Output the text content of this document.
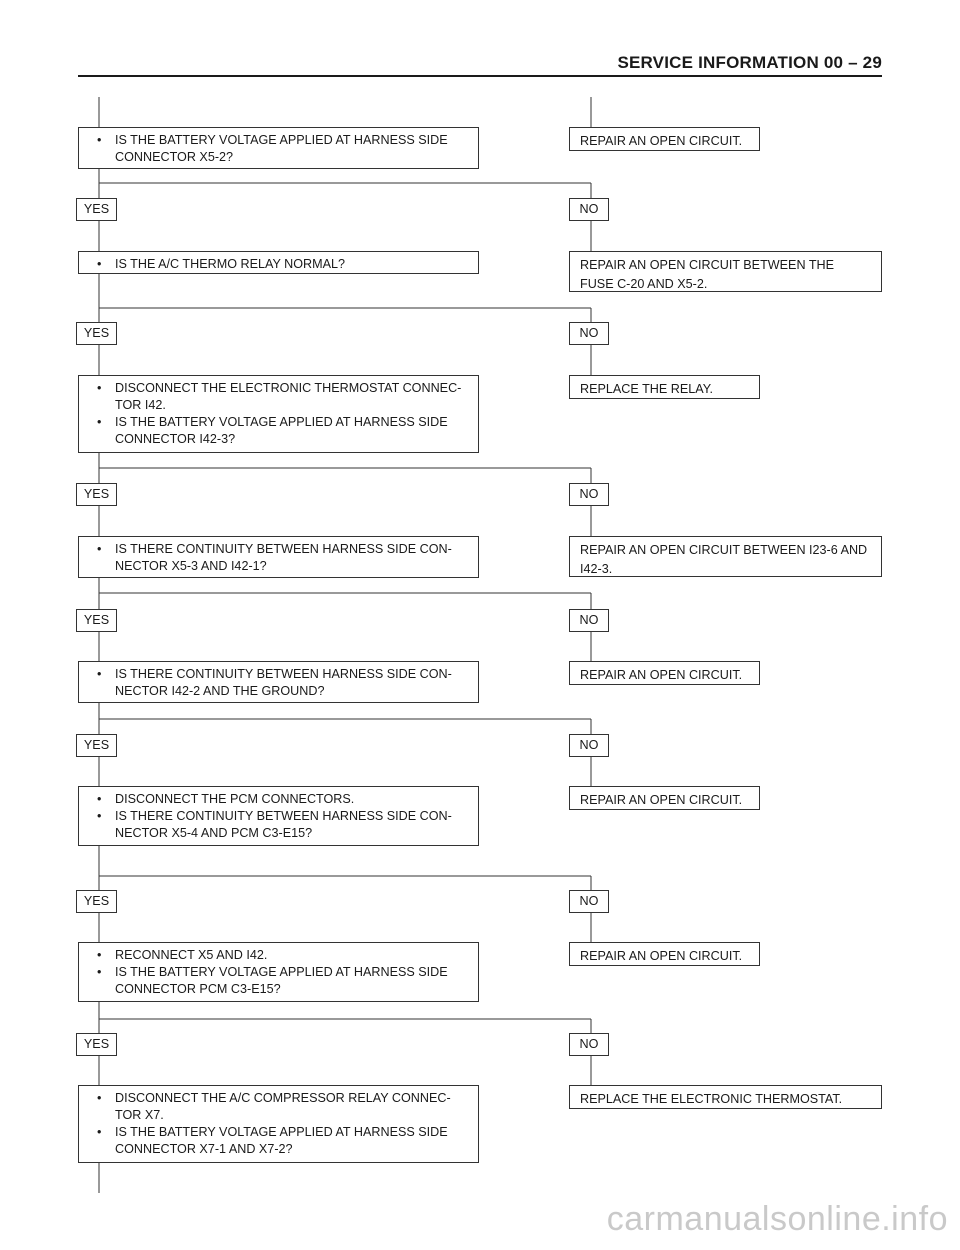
SERVICE INFORMATION 00 – 29
•	IS THE BATTERY VOLTAGE APPLIED AT HARNESS SIDE CONNECTOR X5-2?
•	IS THE A/C THERMO RELAY NORMAL?
•	DISCONNECT THE ELECTRONIC THERMOSTAT CONNEC- TOR I42.
•	IS THE BATTERY VOLTAGE APPLIED AT HARNESS SIDE CONNECTOR I42-3?
•	IS THERE CONTINUITY BETWEEN HARNESS SIDE CON- NECTOR X5-3 AND I42-1?
•	IS THERE CONTINUITY BETWEEN HARNESS SIDE CON- NECTOR I42-2 AND THE GROUND?
•	DISCONNECT THE PCM CONNECTORS.
•	IS THERE CONTINUITY BETWEEN HARNESS SIDE CON- NECTOR X5-4 AND PCM C3-E15?
•	RECONNECT X5 AND I42.
•	IS THE BATTERY VOLTAGE APPLIED AT HARNESS SIDE CONNECTOR PCM C3-E15?
•	DISCONNECT THE A/C COMPRESSOR RELAY CONNEC- TOR X7.
•	IS THE BATTERY VOLTAGE APPLIED AT HARNESS SIDE CONNECTOR X7-1 AND X7-2?
REPAIR AN OPEN CIRCUIT.
REPAIR AN OPEN CIRCUIT BETWEEN THE FUSE C-20 AND X5-2.
REPLACE THE RELAY.
REPAIR AN OPEN CIRCUIT BETWEEN I23-6 AND I42-3.
REPAIR AN OPEN CIRCUIT.
REPAIR AN OPEN CIRCUIT.
REPAIR AN OPEN CIRCUIT.
REPLACE THE ELECTRONIC THERMOSTAT.
YES	NO
YES	NO
YES	NO
YES	NO
YES	NO
YES	NO
YES	NO
carmanualsonline.info
